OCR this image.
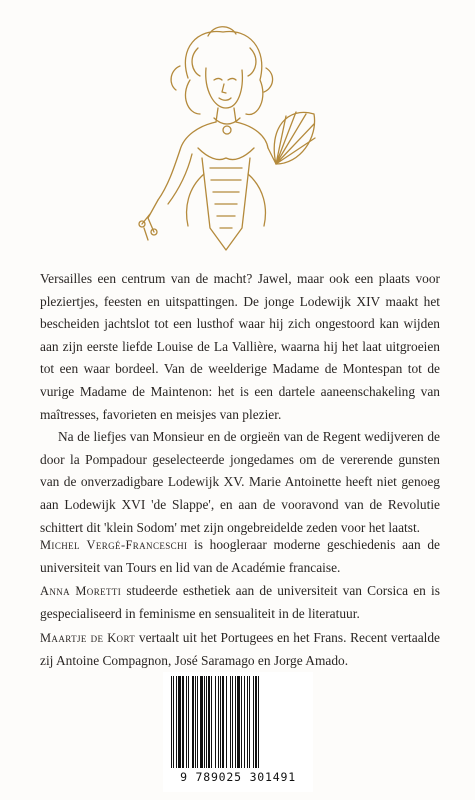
Versailles een centrum van de macht? Jawel, maar ook een plaats voor pleziertjes, feesten en uitspattingen. De jonge Lodewijk XIV maakt het bescheiden jachtslot tot een lusthof waar hij zich ongestoord kan wijden aan zijn eerste liefde Louise de La Vallière, waarna hij het laat uitgroeien tot een waar bordeel. Van de weelderige Madame de Montespan tot de vurige Madame de Maintenon: het is een dartele aaneenschakeling van maîtresses, favorieten en meisjes van plezier.

Na de liefjes van Monsieur en de orgieën van de Regent wedijveren de door la Pompadour geselecteerde jongedames om de vererende gunsten van de onverzadigbare Lodewijk XV. Marie Antoinette heeft niet genoeg aan Lodewijk XVI 'de Slappe', en aan de vooravond van de Revolutie schittert dit 'klein Sodom' met zijn ongebreidelde zeden voor het laatst.

Michel Vergé-Franceschi is hoogleraar moderne geschiedenis aan de universiteit van Tours en lid van de Académie francaise.

Anna Moretti studeerde esthetiek aan de universiteit van Corsica en is gespecialiseerd in feminisme en sensualiteit in de literatuur.

Maartje de Kort vertaalt uit het Portugees en het Frans. Recent vertaalde zij Antoine Compagnon, José Saramago en Jorge Amado.

9 789025 301491
